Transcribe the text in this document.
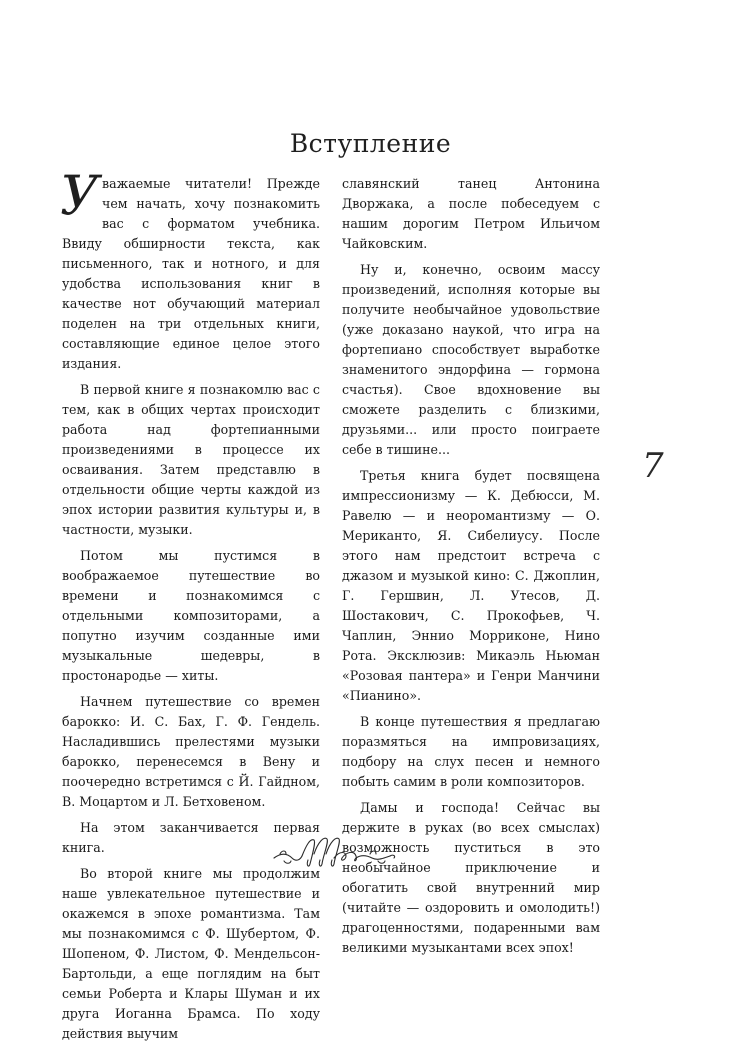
Вступление

Уважаемые читатели! Прежде чем начать, хочу познакомить вас с форматом учебника. Ввиду обширности текста, как письменного, так и нотного, и для удобства использования книг в качестве нот обучающий материал поделен на три отдельных книги, составляющие единое целое этого издания.

В первой книге я познакомлю вас с тем, как в общих чертах происходит работа над фортепианными произведениями в процессе их осваивания. Затем представлю в отдельности общие черты каждой из эпох истории развития культуры и, в частности, музыки.

Потом мы пустимся в воображаемое путешествие во времени и познакомимся с отдельными композиторами, а попутно изучим созданные ими музыкальные шедевры, в простонародье — хиты.

Начнем путешествие со времен барокко: И. С. Бах, Г. Ф. Гендель. Насладившись прелестями музыки барокко, перенесемся в Вену и поочередно встретимся с Й. Гайдном, В. Моцартом и Л. Бетховеном.

На этом заканчивается первая книга.

Во второй книге мы продолжим наше увлекательное путешествие и окажемся в эпохе романтизма. Там мы познакомимся с Ф. Шубертом, Ф. Шопеном, Ф. Листом, Ф. Мендельсон-Бартольди, а еще поглядим на быт семьи Роберта и Клары Шуман и их друга Иоганна Брамса. По ходу действия выучим

славянский танец Антонина Дворжака, а после побеседуем с нашим дорогим Петром Ильичом Чайковским.

Ну и, конечно, освоим массу произведений, исполняя которые вы получите необычайное удовольствие (уже доказано наукой, что игра на фортепиано способствует выработке знаменитого эндорфина — гормона счастья). Свое вдохновение вы сможете разделить с близкими, друзьями... или просто поиграете себе в тишине...

Третья книга будет посвящена импрессионизму — К. Дебюсси, М. Равелю — и неоромантизму — О. Мериканто, Я. Сибелиусу. После этого нам предстоит встреча с джазом и музыкой кино: С. Джоплин, Г. Гершвин, Л. Утесов, Д. Шостакович, С. Прокофьев, Ч. Чаплин, Эннио Морриконе, Нино Рота. Эксклюзив: Микаэль Ньюман «Розовая пантера» и Генри Манчини «Пианино».

В конце путешествия я предлагаю поразмяться на импровизациях, подбору на слух песен и немного побыть самим в роли композиторов.

Дамы и господа! Сейчас вы держите в руках (во всех смыслах) возможность пуститься в это необычайное приключение и обогатить свой внутренний мир (читайте — оздоровить и омолодить!) драгоценностями, подаренными вам великими музыкантами всех эпох!

7
